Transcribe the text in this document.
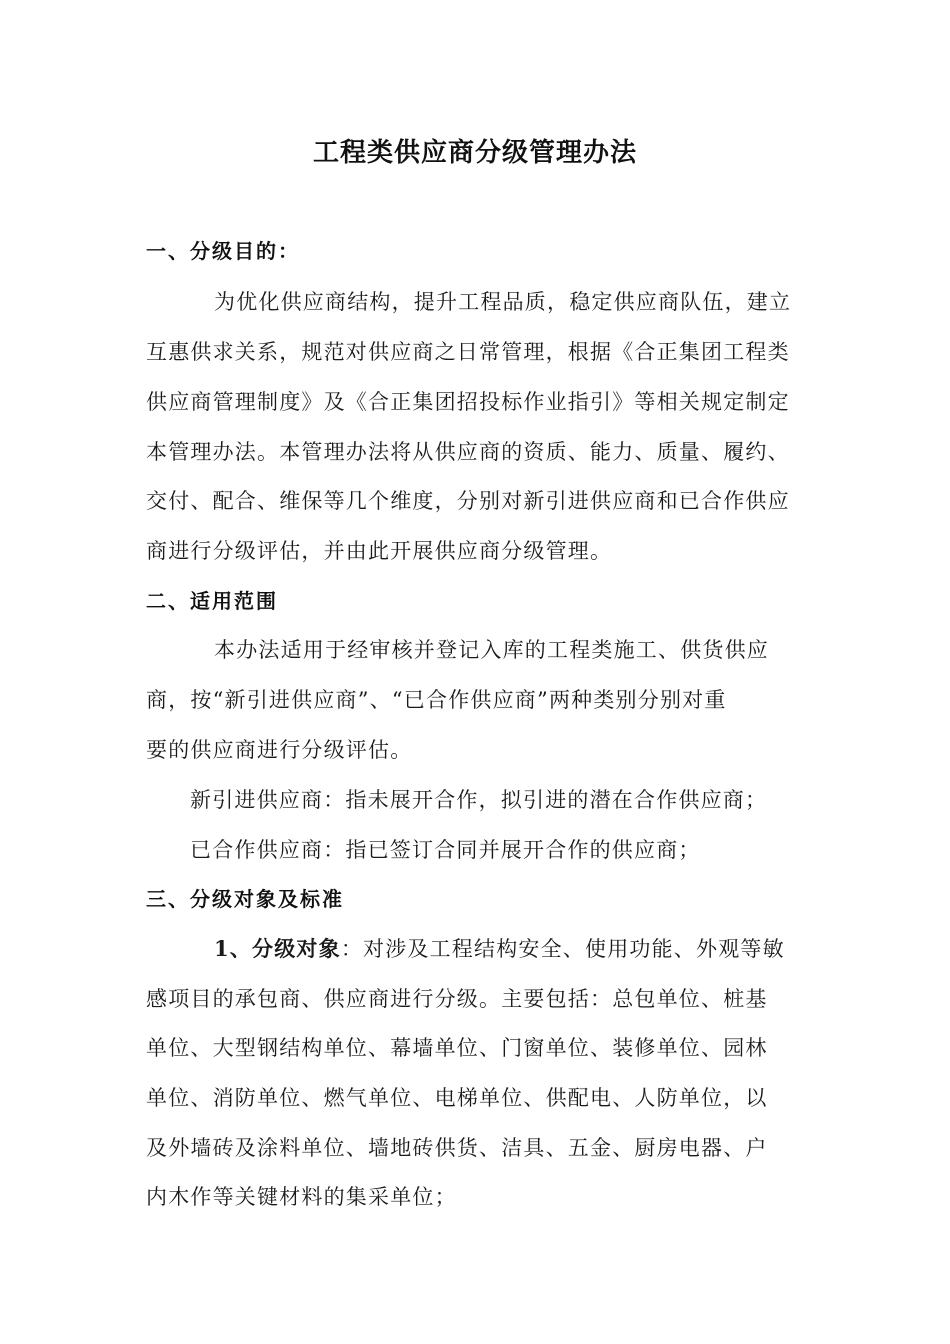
工程类供应商分级管理办法
一、分级目的：
为优化供应商结构，提升工程品质，稳定供应商队伍，建立
互惠供求关系，规范对供应商之日常管理，根据《合正集团工程类
供应商管理制度》及《合正集团招投标作业指引》等相关规定制定
本管理办法。本管理办法将从供应商的资质、能力、质量、履约、
交付、配合、维保等几个维度，分别对新引进供应商和已合作供应
商进行分级评估，并由此开展供应商分级管理。
二、适用范围
本办法适用于经审核并登记入库的工程类施工、供货供应
商，按“新引进供应商”、“已合作供应商”两种类别分别对重
要的供应商进行分级评估。
新引进供应商：指未展开合作，拟引进的潜在合作供应商；
已合作供应商：指已签订合同并展开合作的供应商；
三、分级对象及标准
1、分级对象：对涉及工程结构安全、使用功能、外观等敏
感项目的承包商、供应商进行分级。主要包括：总包单位、桩基
单位、大型钢结构单位、幕墙单位、门窗单位、装修单位、园林
单位、消防单位、燃气单位、电梯单位、供配电、人防单位，以
及外墙砖及涂料单位、墙地砖供货、洁具、五金、厨房电器、户
内木作等关键材料的集采单位；
